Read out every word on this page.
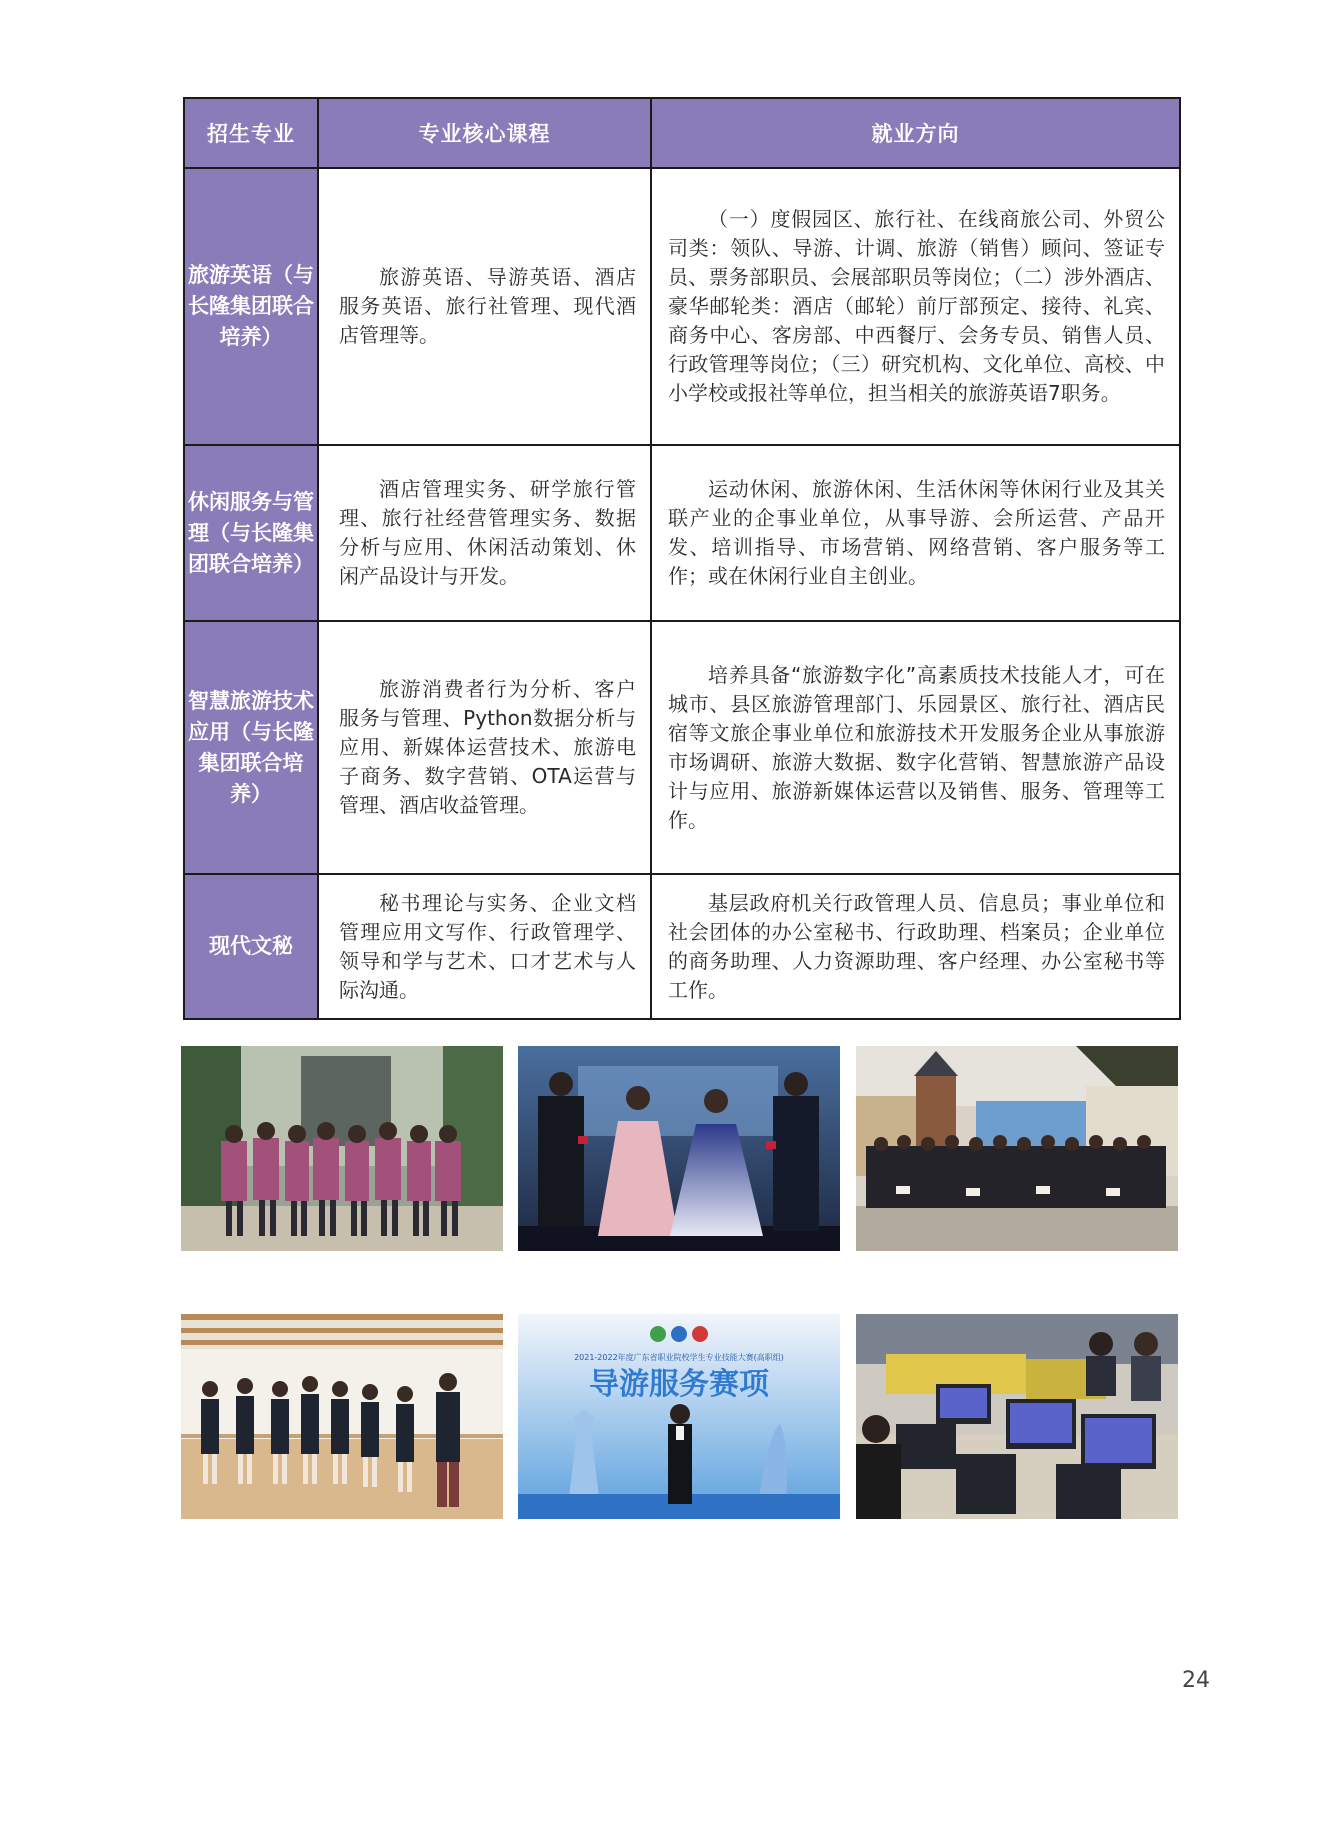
招生专业	专业核心课程	就业方向
旅游英语（与长隆集团联合培养）	旅游英语、导游英语、酒店服务英语、旅行社管理、现代酒店管理等。	（一）度假园区、旅行社、在线商旅公司、外贸公司类：领队、导游、计调、旅游（销售）顾问、签证专员、票务部职员、会展部职员等岗位；（二）涉外酒店、豪华邮轮类：酒店（邮轮）前厅部预定、接待、礼宾、商务中心、客房部、中西餐厅、会务专员、销售人员、行政管理等岗位；（三）研究机构、文化单位、高校、中小学校或报社等单位，担当相关的旅游英语7职务。
休闲服务与管理（与长隆集团联合培养）	酒店管理实务、研学旅行管理、旅行社经营管理实务、数据分析与应用、休闲活动策划、休闲产品设计与开发。	运动休闲、旅游休闲、生活休闲等休闲行业及其关联产业的企事业单位，从事导游、会所运营、产品开发、培训指导、市场营销、网络营销、客户服务等工作；或在休闲行业自主创业。
智慧旅游技术应用（与长隆集团联合培养）	旅游消费者行为分析、客户服务与管理、Python数据分析与应用、新媒体运营技术、旅游电子商务、数字营销、OTA运营与管理、酒店收益管理。	培养具备“旅游数字化”高素质技术技能人才，可在城市、县区旅游管理部门、乐园景区、旅行社、酒店民宿等文旅企事业单位和旅游技术开发服务企业从事旅游市场调研、旅游大数据、数字化营销、智慧旅游产品设计与应用、旅游新媒体运营以及销售、服务、管理等工作。
现代文秘	秘书理论与实务、企业文档管理应用文写作、行政管理学、领导和学与艺术、口才艺术与人际沟通。	基层政府机关行政管理人员、信息员；事业单位和社会团体的办公室秘书、行政助理、档案员；企业单位的商务助理、人力资源助理、客户经理、办公室秘书等工作。
2021-2022年度广东省职业院校学生专业技能大赛(高职组)
导游服务赛项
24
